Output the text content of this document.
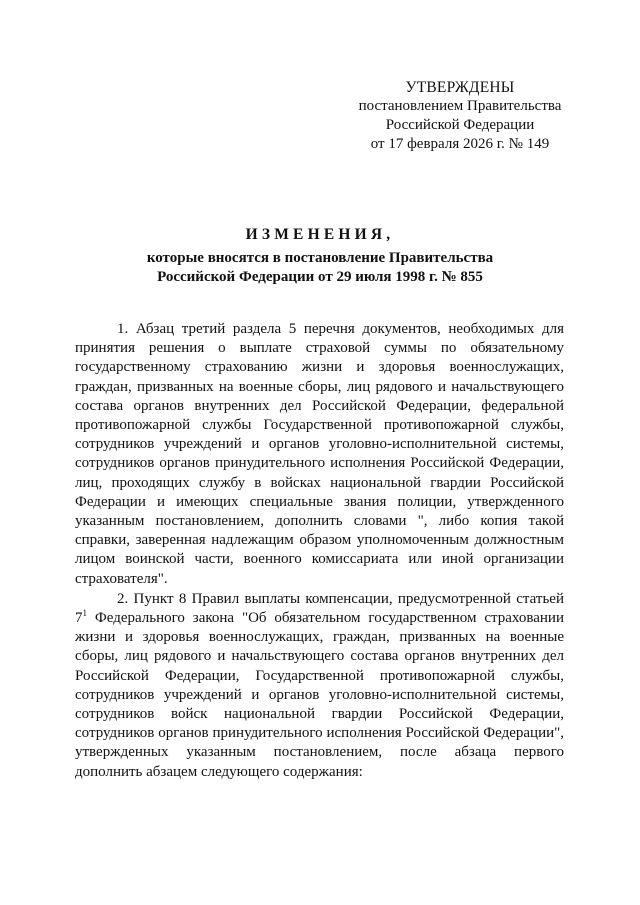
УТВЕРЖДЕНЫ
постановлением Правительства
Российской Федерации
от 17 февраля 2026 г. № 149
ИЗМЕНЕНИЯ,
которые вносятся в постановление Правительства
Российской Федерации от 29 июля 1998 г. № 855

1. Абзац третий раздела 5 перечня документов, необходимых для принятия решения о выплате страховой суммы по обязательному государственному страхованию жизни и здоровья военнослужащих, граждан, призванных на военные сборы, лиц рядового и начальствующего состава органов внутренних дел Российской Федерации, федеральной противопожарной службы Государственной противопожарной службы, сотрудников учреждений и органов уголовно-исполнительной системы, сотрудников органов принудительного исполнения Российской Федерации, лиц, проходящих службу в войсках национальной гвардии Российской Федерации и имеющих специальные звания полиции, утвержденного указанным постановлением, дополнить словами ", либо копия такой справки, заверенная надлежащим образом уполномоченным должностным лицом воинской части, военного комиссариата или иной организации страхователя".

2. Пункт 8 Правил выплаты компенсации, предусмотренной статьей $7^1$ Федерального закона "Об обязательном государственном страховании жизни и здоровья военнослужащих, граждан, призванных на военные сборы, лиц рядового и начальствующего состава органов внутренних дел Российской Федерации, Государственной противопожарной службы, сотрудников учреждений и органов уголовно-исполнительной системы, сотрудников войск национальной гвардии Российской Федерации, сотрудников органов принудительного исполнения Российской Федерации", утвержденных указанным постановлением, после абзаца первого дополнить абзацем следующего содержания:
